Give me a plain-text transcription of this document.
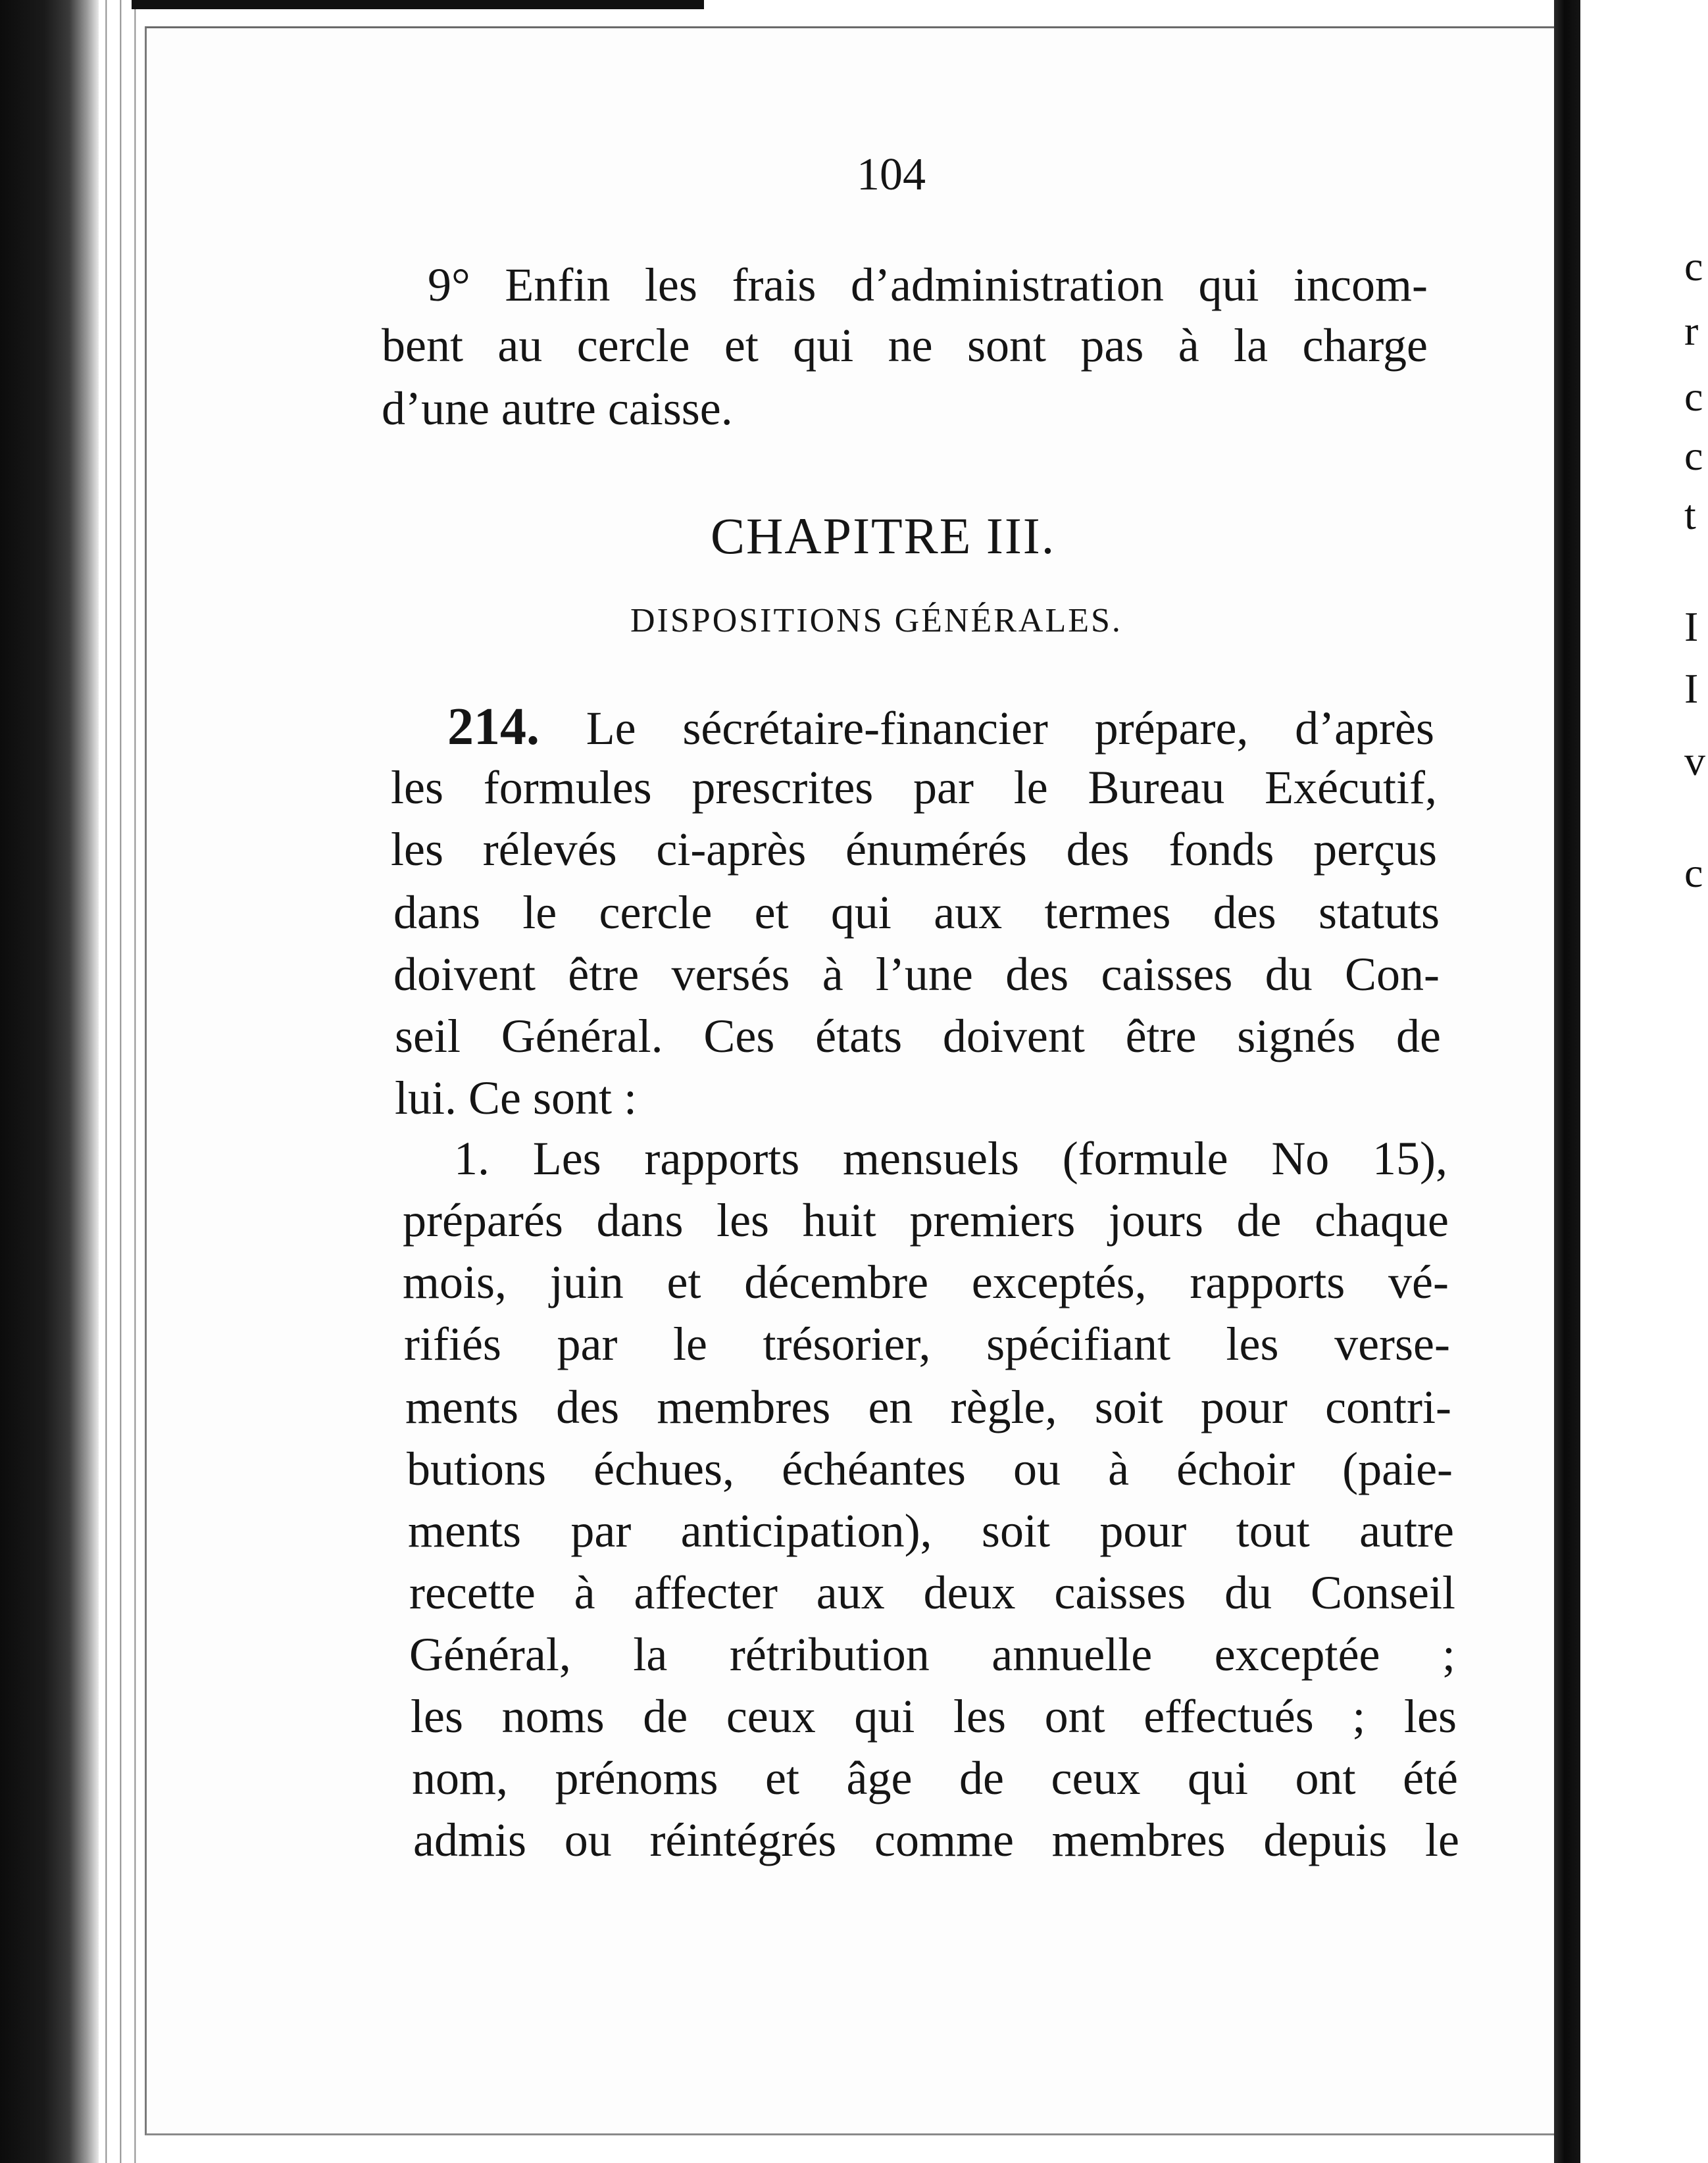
c
r
c
c
t
I
I
v
c
104
9° Enfin les frais d’administration qui incom-
bent au cercle et qui ne sont pas à la charge
d’une autre caisse.
CHAPITRE III.
DISPOSITIONS GÉNÉRALES.
214. Le sécrétaire-financier prépare, d’après
les formules prescrites par le Bureau Exécutif,
les rélevés ci-après énumérés des fonds perçus
dans le cercle et qui aux termes des statuts
doivent être versés à l’une des caisses du Con-
seil Général. Ces états doivent être signés de
lui. Ce sont :
1. Les rapports mensuels (formule No 15),
préparés dans les huit premiers jours de chaque
mois, juin et décembre exceptés, rapports vé-
rifiés par le trésorier, spécifiant les verse-
ments des membres en règle, soit pour contri-
butions échues, échéantes ou à échoir (paie-
ments par anticipation), soit pour tout autre
recette à affecter aux deux caisses du Conseil
Général, la rétribution annuelle exceptée ;
les noms de ceux qui les ont effectués ; les
nom, prénoms et âge de ceux qui ont été
admis ou réintégrés comme membres depuis le
